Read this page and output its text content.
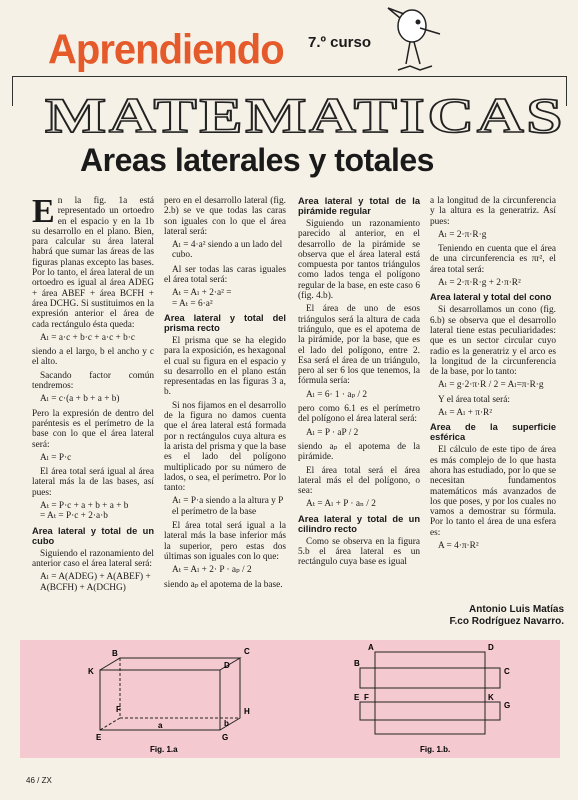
Aprendiendo 7.º curso
MATEMATICAS
Areas laterales y totales
E n la fig. 1a está representado un ortoedro en el espacio y en la 1b su desarrollo en el plano. Bien, para calcular su área lateral habrá que sumar las áreas de las figuras planas excepto las bases. Por lo tanto, el área lateral de un ortoedro es igual al área ADEG + área ABEF + área BCFH + área DCHG. Si sustituimos en la expresión anterior el área de cada rectángulo ésta queda:

Aₗ = a·c + b·c + a·c + b·c

siendo a el largo, b el ancho y c el alto.

Sacando factor común tendremos:

Aₗ = c·(a + b + a + b)

Pero la expresión de dentro del paréntesis es el perímetro de la base con lo que el área lateral será:

Aₗ = P·c

El área total será igual al área lateral más la de las bases, así pues:

Aₜ = P·c + a + b + a + b
= Aₜ = P·c + 2·a·b
Area lateral y total de un cubo

Siguiendo el razonamiento del anterior caso el área lateral será:

Aₗ = A(ADEG) + A(ABEF) +
A(BCFH) + A(DCHG)

pero en el desarrollo lateral (fig. 2.b) se ve que todas las caras son iguales con lo que el área lateral será:

Aₗ = 4·a² siendo a un lado del cubo.

Al ser todas las caras iguales el área total será:

Aₜ = Aₗ + 2·a² =
= Aₜ = 6·a²
Area lateral y total del prisma recto

El prisma que se ha elegido para la exposición, es hexagonal el cual su figura en el espacio y su desarrollo en el plano están representadas en las figuras 3 a, b.

Si nos fijamos en el desarrollo de la figura no damos cuenta que el área lateral está formada por n rectángulos cuya altura es la arista del prisma y que la base es el lado del polígono multiplicado por su número de lados, o sea, el perímetro. Por lo tanto:

Aₗ = P·a siendo a la altura y P el perímetro de la base

El área total será igual a la lateral más la base inferior más la superior, pero estas dos últimas son iguales con lo que:

Aₜ = Aₗ + 2· P · aₚ / 2

siendo aₚ el apotema de la base.

Area lateral y total de la pirámide regular

Siguiendo un razonamiento parecido al anterior, en el desarrollo de la pirámide se observa que el área lateral está compuesta por tantos triángulos como lados tenga el polígono regular de la base, en este caso 6 (fig. 4.b).

El área de uno de esos triángulos será la altura de cada triángulo, que es el apotema de la pirámide, por la base, que es el lado del polígono, entre 2. Esa será el área de un triángulo, pero al ser 6 los que tenemos, la fórmula sería:

Aₗ = 6· 1 · aₚ / 2

pero como 6.1 es el perímetro del polígono el área lateral será:

Aₗ = P · aP / 2

siendo aₚ el apotema de la pirámide.

El área total será el área lateral más el del polígono, o sea:

Aₜ = Aₗ + P · aₙ / 2
Area lateral y total de un cilindro recto

Como se observa en la figura 5.b el área lateral es un rectángulo cuya base es igual

a la longitud de la circunferencia y la altura es la generatriz. Así pues:

Aₗ = 2·π·R·g

Teniendo en cuenta que el área de una circunferencia es πr², el área total será:

Aₜ = 2·π·R·g + 2·π·R²
Area lateral y total del cono

Si desarrollamos un cono (fig. 6.b) se observa que el desarrollo lateral tiene estas peculiaridades: que es un sector circular cuyo radio es la generatriz y el arco es la longitud de la circunferencia de la base, por lo tanto:

Aₗ = g·2·π·R / 2 = Aₗ=π·R·g

Y el área total será:

Aₜ = Aₗ + π·R²
Area de la superficie esférica

El cálculo de este tipo de área es más complejo de lo que hasta ahora has estudiado, por lo que se necesitan fundamentos matemáticos más avanzados de los que poses, y por los cuales no vamos a demostrar su fórmula. Por lo tanto el área de una esfera es:

A = 4·π·R²
Antonio Luis Matías
F.co Rodríguez Navarro.
B	C
K
D
F	H
E
a	b
G
Fig. 1.a
A	D
B
C
E F	K
G
Fig. 1.b.
46 / ZX
